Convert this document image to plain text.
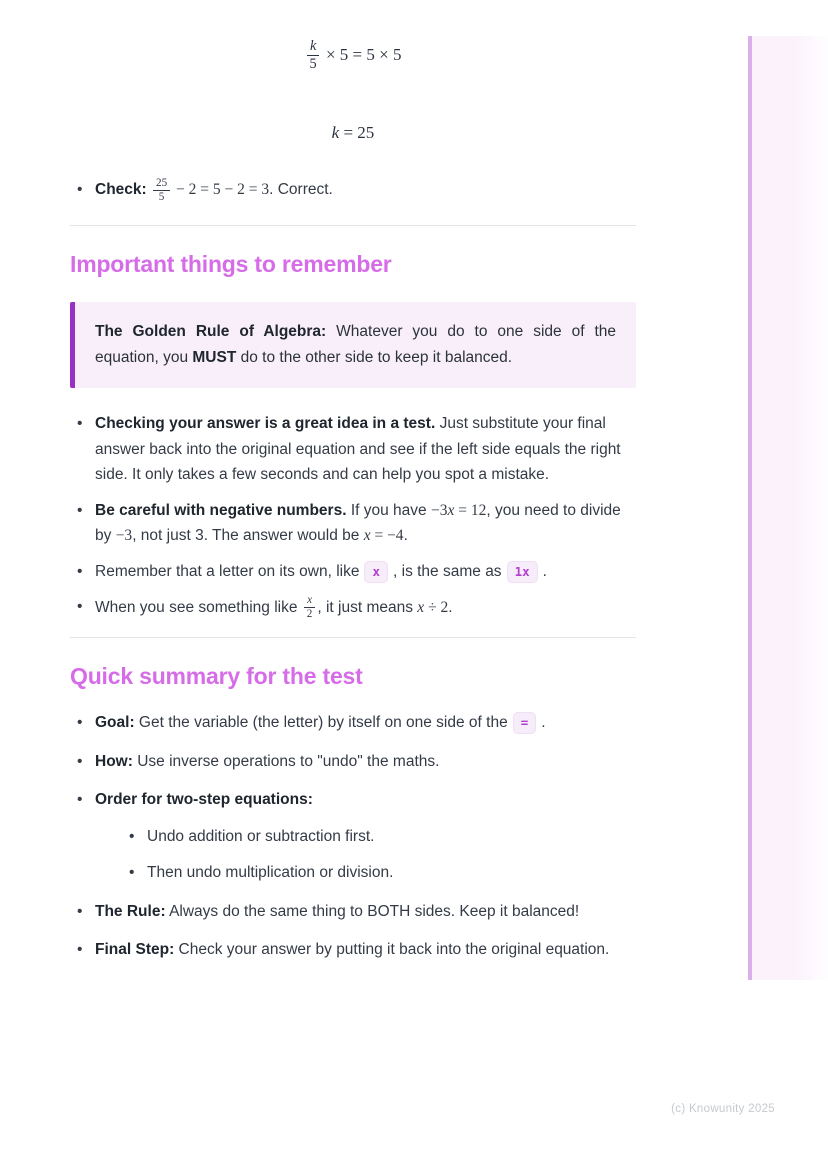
$\frac{k}{5} \times 5 = 5 \times 5$
k = 25
• Check: $\frac{25}{5} - 2 = 5 - 2 = 3$. Correct.
Important things to remember

The Golden Rule of Algebra: Whatever you do to one side of the equation, you MUST do to the other side to keep it balanced.

• Checking your answer is a great idea in a test. Just substitute your final answer back into the original equation and see if the left side equals the right side. It only takes a few seconds and can help you spot a mistake.
• Be careful with negative numbers. If you have −3x = 12, you need to divide by −3, not just 3. The answer would be x = −4.
• Remember that a letter on its own, like x , is the same as 1x .
• When you see something like $\frac{x}{2}$ , it just means x ÷ 2.
Quick summary for the test
• Goal: Get the variable (the letter) by itself on one side of the = .
• How: Use inverse operations to "undo" the maths.
• Order for two-step equations:
• Undo addition or subtraction first.
• Then undo multiplication or division.
• The Rule: Always do the same thing to BOTH sides. Keep it balanced!
• Final Step: Check your answer by putting it back into the original equation.
(c) Knowunity 2025
